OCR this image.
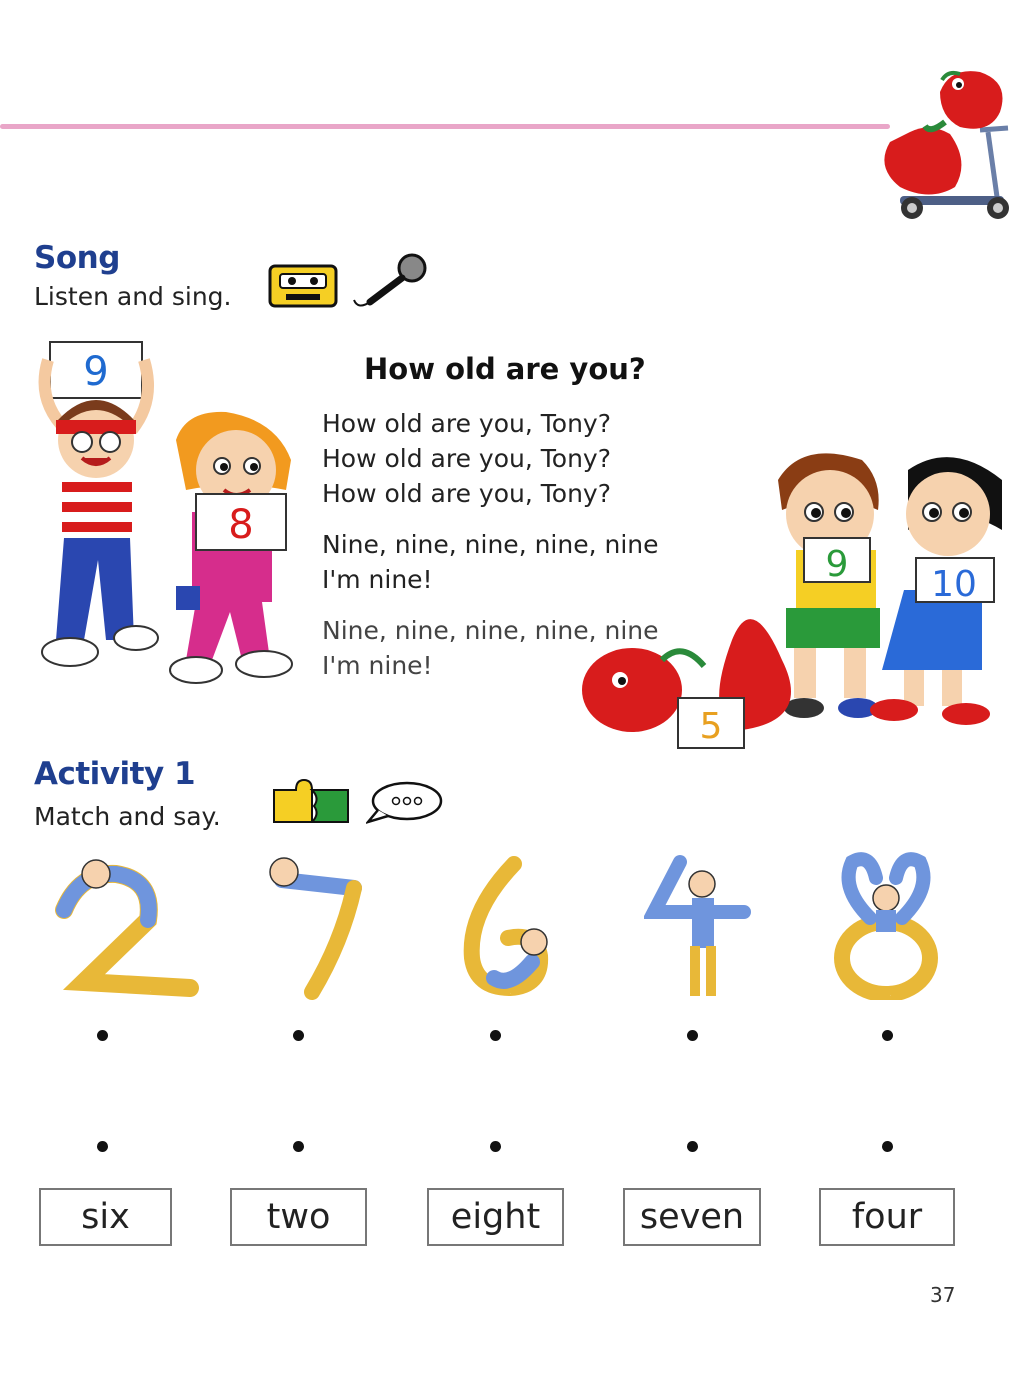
Song
Listen and sing.
9
8
How old are you?
How old are you, Tony?
How old are you, Tony?
How old are you, Tony?
Nine, nine, nine, nine, nine
I'm nine!
Nine, nine, nine, nine, nine
I'm nine!
9 10
5
Activity 1
Match and say.
2
7
6
4
8
six	two	eight	seven	four
37
